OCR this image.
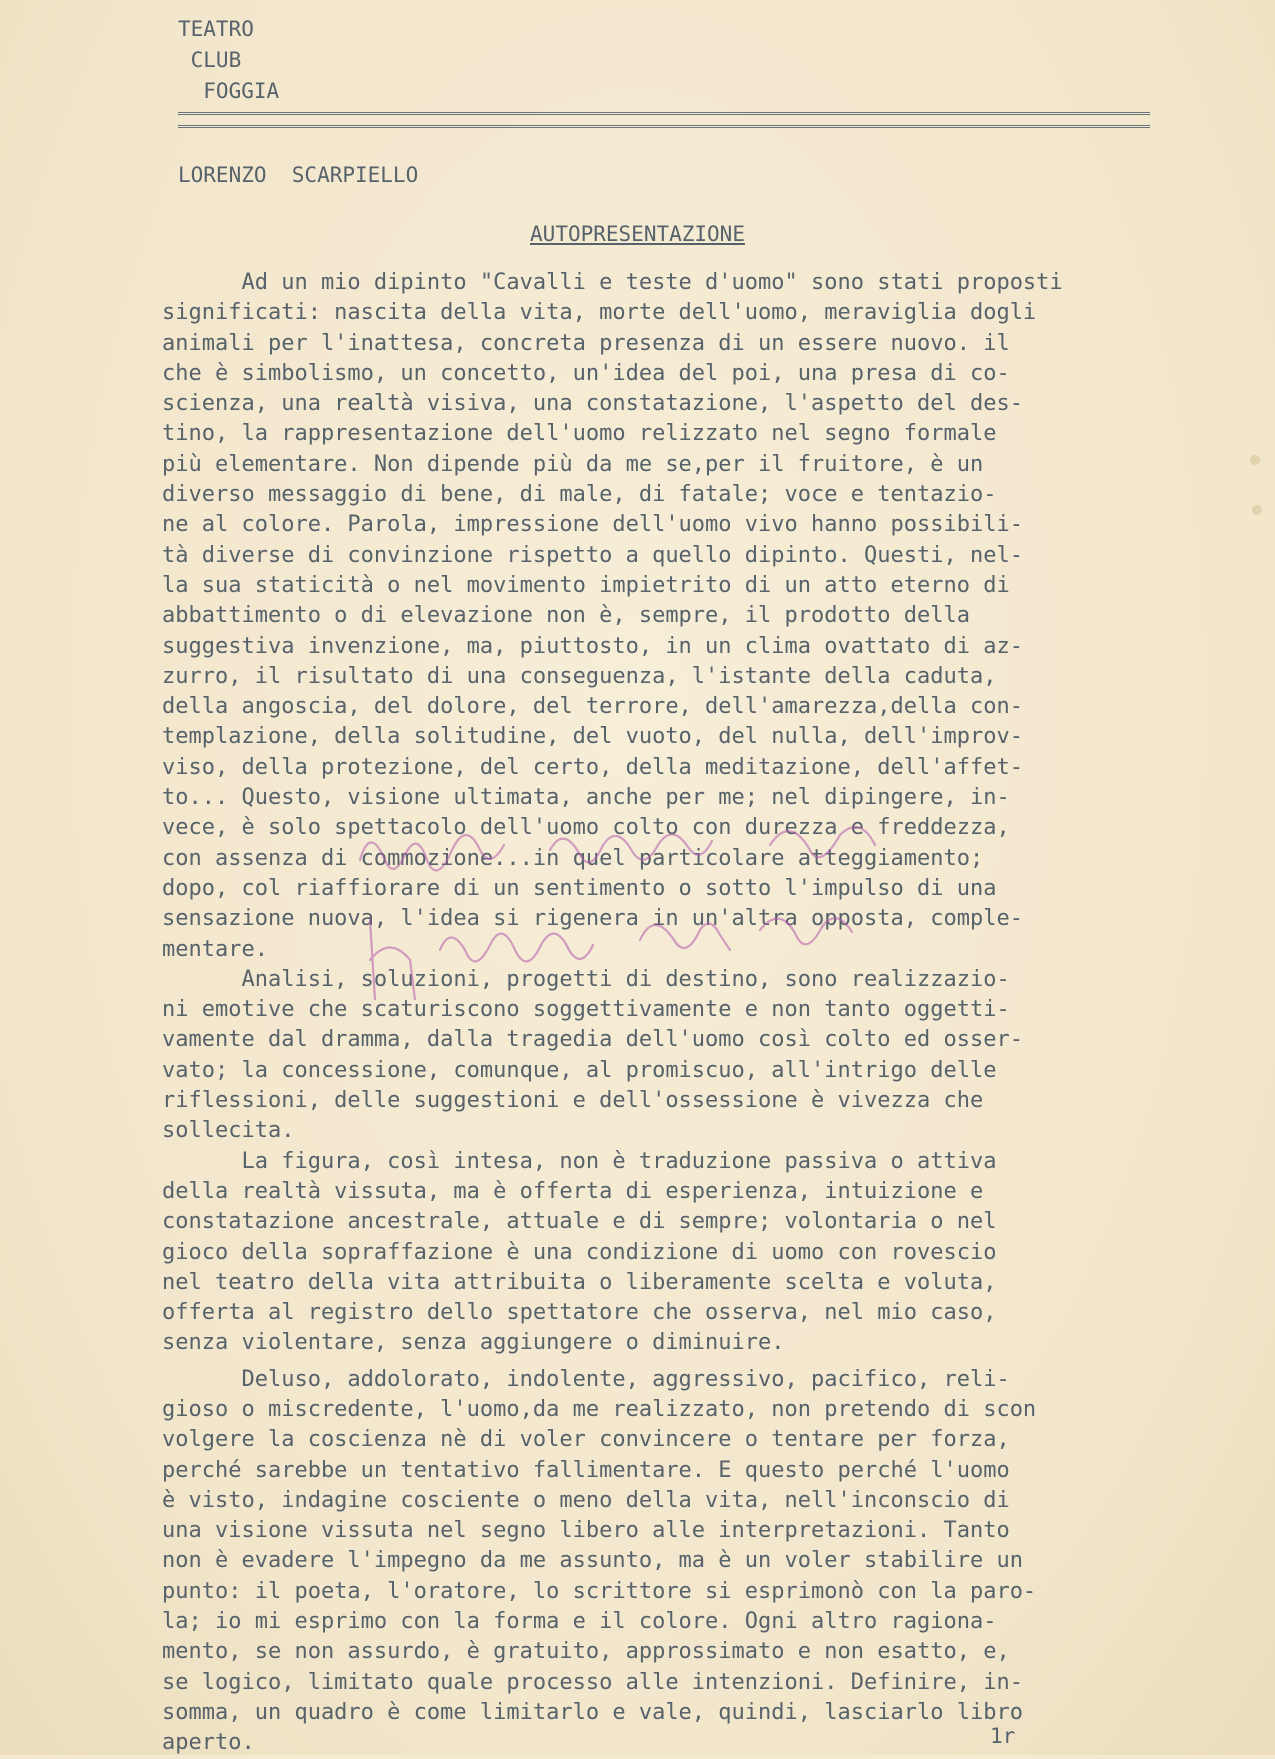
TEATRO
CLUB
FOGGIA
LORENZO  SCARPIELLO
AUTOPRESENTAZIONE
Ad un mio dipinto "Cavalli e teste d'uomo" sono stati proposti
significati: nascita della vita, morte dell'uomo, meraviglia dogli
animali per l'inattesa, concreta presenza di un essere nuovo. il
che è simbolismo, un concetto, un'idea del poi, una presa di co-
scienza, una realtà visiva, una constatazione, l'aspetto del des-
tino, la rappresentazione dell'uomo relizzato nel segno formale
più elementare. Non dipende più da me se,per il fruitore, è un
diverso messaggio di bene, di male, di fatale; voce e tentazio-
ne al colore. Parola, impressione dell'uomo vivo hanno possibili-
tà diverse di convinzione rispetto a quello dipinto. Questi, nel-
la sua staticità o nel movimento impietrito di un atto eterno di
abbattimento o di elevazione non è, sempre, il prodotto della
suggestiva invenzione, ma, piuttosto, in un clima ovattato di az-
zurro, il risultato di una conseguenza, l'istante della caduta,
della angoscia, del dolore, del terrore, dell'amarezza,della con-
templazione, della solitudine, del vuoto, del nulla, dell'improv-
viso, della protezione, del certo, della meditazione, dell'affet-
to... Questo, visione ultimata, anche per me; nel dipingere, in-
vece, è solo spettacolo dell'uomo colto con durezza e freddezza,
con assenza di commozione...in quel particolare atteggiamento;
dopo, col riaffiorare di un sentimento o sotto l'impulso di una
sensazione nuova, l'idea si rigenera in un'altra opposta, comple-
mentare.
Analisi, soluzioni, progetti di destino, sono realizzazio-
ni emotive che scaturiscono soggettivamente e non tanto oggetti-
vamente dal dramma, dalla tragedia dell'uomo così colto ed osser-
vato; la concessione, comunque, al promiscuo, all'intrigo delle
riflessioni, delle suggestioni e dell'ossessione è vivezza che
sollecita.
La figura, così intesa, non è traduzione passiva o attiva
della realtà vissuta, ma è offerta di esperienza, intuizione e
constatazione ancestrale, attuale e di sempre; volontaria o nel
gioco della sopraffazione è una condizione di uomo con rovescio
nel teatro della vita attribuita o liberamente scelta e voluta,
offerta al registro dello spettatore che osserva, nel mio caso,
senza violentare, senza aggiungere o diminuire.
Deluso, addolorato, indolente, aggressivo, pacifico, reli-
gioso o miscredente, l'uomo,da me realizzato, non pretendo di scon
volgere la coscienza nè di voler convincere o tentare per forza,
perché sarebbe un tentativo fallimentare. E questo perché l'uomo
è visto, indagine cosciente o meno della vita, nell'inconscio di
una visione vissuta nel segno libero alle interpretazioni. Tanto
non è evadere l'impegno da me assunto, ma è un voler stabilire un
punto: il poeta, l'oratore, lo scrittore si esprimonò con la paro-
la; io mi esprimo con la forma e il colore. Ogni altro ragiona-
mento, se non assurdo, è gratuito, approssimato e non esatto, e,
se logico, limitato quale processo alle intenzioni. Definire, in-
somma, un quadro è come limitarlo e vale, quindi, lasciarlo libro
aperto.	1r
